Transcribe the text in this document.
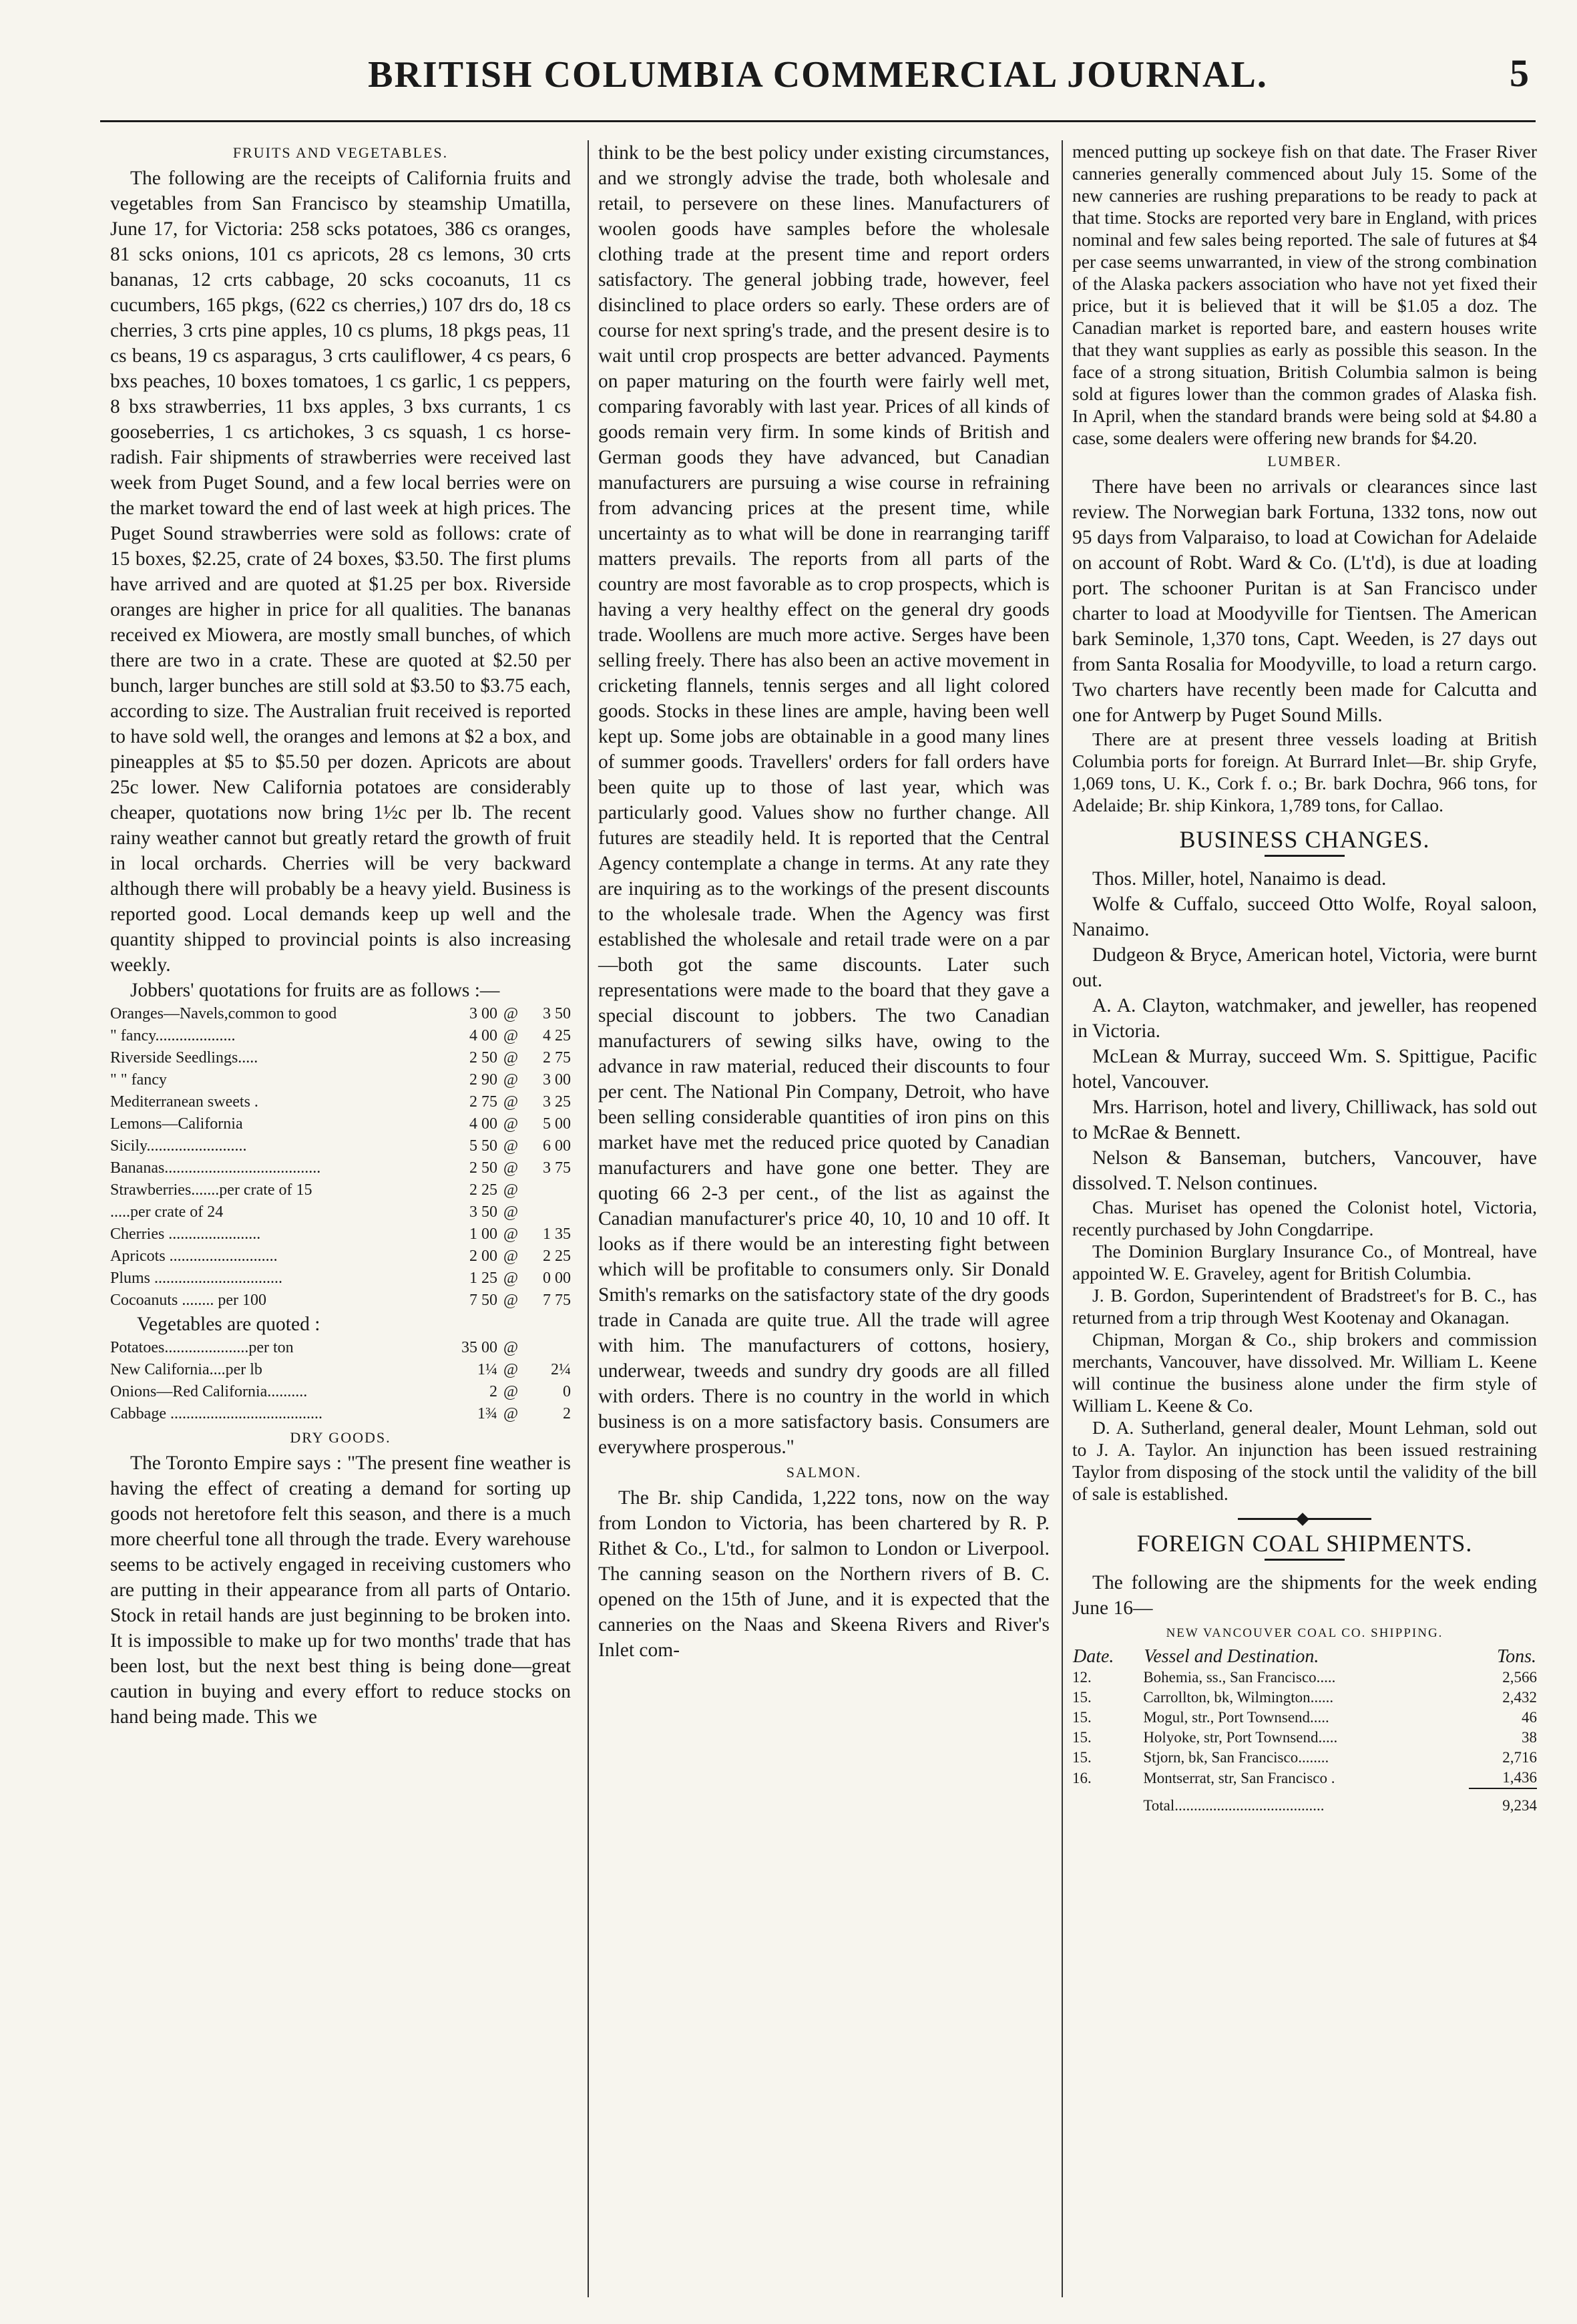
BRITISH COLUMBIA COMMERCIAL JOURNAL.	5

FRUITS AND VEGETABLES.

The following are the receipts of California fruits and vegetables from San Francisco by steamship Umatilla, June 17, for Victoria: 258 scks potatoes, 386 cs oranges, 81 scks onions, 101 cs apricots, 28 cs lemons, 30 crts bananas, 12 crts cabbage, 20 scks cocoanuts, 11 cs cucumbers, 165 pkgs, (622 cs cherries,) 107 drs do, 18 cs cherries, 3 crts pine apples, 10 cs plums, 18 pkgs peas, 11 cs beans, 19 cs asparagus, 3 crts cauliflower, 4 cs pears, 6 bxs peaches, 10 boxes tomatoes, 1 cs garlic, 1 cs peppers, 8 bxs strawberries, 11 bxs apples, 3 bxs currants, 1 cs gooseberries, 1 cs artichokes, 3 cs squash, 1 cs horse-radish. Fair shipments of strawberries were received last week from Puget Sound, and a few local berries were on the market toward the end of last week at high prices. The Puget Sound strawberries were sold as follows: crate of 15 boxes, $2.25, crate of 24 boxes, $3.50. The first plums have arrived and are quoted at $1.25 per box. Riverside oranges are higher in price for all qualities. The bananas received ex Miowera, are mostly small bunches, of which there are two in a crate. These are quoted at $2.50 per bunch, larger bunches are still sold at $3.50 to $3.75 each, according to size. The Australian fruit received is reported to have sold well, the oranges and lemons at $2 a box, and pineapples at $5 to $5.50 per dozen. Apricots are about 25c lower. New California potatoes are considerably cheaper, quotations now bring 1½c per lb. The recent rainy weather cannot but greatly retard the growth of fruit in local orchards. Cherries will be very backward although there will probably be a heavy yield. Business is reported good. Local demands keep up well and the quantity shipped to provincial points is also increasing weekly.

Jobbers' quotations for fruits are as follows :—

Oranges—Navels,common to good	3 00	@	3 50
" fancy....................	4 00	@	4 25
Riverside Seedlings.....	2 50	@	2 75
" " fancy	2 90	@	3 00
Mediterranean sweets .	2 75	@	3 25
Lemons—California	4 00	@	5 00
Sicily.........................	5 50	@	6 00
Bananas.......................................	2 50	@	3 75
Strawberries.......per crate of 15	2 25	@	
.....per crate of 24	3 50	@	
Cherries .......................	1 00	@	1 35
Apricots ...........................	2 00	@	2 25
Plums ................................	1 25	@	0 00
Cocoanuts ........ per 100	7 50	@	7 75

Vegetables are quoted :

Potatoes.....................per ton	35 00	@	
New California....per lb	1¼	@	2¼
Onions—Red California..........	2	@	0
Cabbage ......................................	1¾	@	2

DRY GOODS.

The Toronto Empire says : "The present fine weather is having the effect of creating a demand for sorting up goods not heretofore felt this season, and there is a much more cheerful tone all through the trade. Every warehouse seems to be actively engaged in receiving customers who are putting in their appearance from all parts of Ontario. Stock in retail hands are just beginning to be broken into. It is impossible to make up for two months' trade that has been lost, but the next best thing is being done—great caution in buying and every effort to reduce stocks on hand being made. This we

think to be the best policy under existing circumstances, and we strongly advise the trade, both wholesale and retail, to persevere on these lines. Manufacturers of woolen goods have samples before the wholesale clothing trade at the present time and report orders satisfactory. The general jobbing trade, however, feel disinclined to place orders so early. These orders are of course for next spring's trade, and the present desire is to wait until crop prospects are better advanced. Payments on paper maturing on the fourth were fairly well met, comparing favorably with last year. Prices of all kinds of goods remain very firm. In some kinds of British and German goods they have advanced, but Canadian manufacturers are pursuing a wise course in refraining from advancing prices at the present time, while uncertainty as to what will be done in rearranging tariff matters prevails. The reports from all parts of the country are most favorable as to crop prospects, which is having a very healthy effect on the general dry goods trade. Woollens are much more active. Serges have been selling freely. There has also been an active movement in cricketing flannels, tennis serges and all light colored goods. Stocks in these lines are ample, having been well kept up. Some jobs are obtainable in a good many lines of summer goods. Travellers' orders for fall orders have been quite up to those of last year, which was particularly good. Values show no further change. All futures are steadily held. It is reported that the Central Agency contemplate a change in terms. At any rate they are inquiring as to the workings of the present discounts to the wholesale trade. When the Agency was first established the wholesale and retail trade were on a par—both got the same discounts. Later such representations were made to the board that they gave a special discount to jobbers. The two Canadian manufacturers of sewing silks have, owing to the advance in raw material, reduced their discounts to four per cent. The National Pin Company, Detroit, who have been selling considerable quantities of iron pins on this market have met the reduced price quoted by Canadian manufacturers and have gone one better. They are quoting 66 2-3 per cent., of the list as against the Canadian manufacturer's price 40, 10, 10 and 10 off. It looks as if there would be an interesting fight between which will be profitable to consumers only. Sir Donald Smith's remarks on the satisfactory state of the dry goods trade in Canada are quite true. All the trade will agree with him. The manufacturers of cottons, hosiery, underwear, tweeds and sundry dry goods are all filled with orders. There is no country in the world in which business is on a more satisfactory basis. Consumers are everywhere prosperous."

SALMON.

The Br. ship Candida, 1,222 tons, now on the way from London to Victoria, has been chartered by R. P. Rithet & Co., L'td., for salmon to London or Liverpool. The canning season on the Northern rivers of B. C. opened on the 15th of June, and it is expected that the canneries on the Naas and Skeena Rivers and River's Inlet com-

menced putting up sockeye fish on that date. The Fraser River canneries generally commenced about July 15. Some of the new canneries are rushing preparations to be ready to pack at that time. Stocks are reported very bare in England, with prices nominal and few sales being reported. The sale of futures at $4 per case seems unwarranted, in view of the strong combination of the Alaska packers association who have not yet fixed their price, but it is believed that it will be $1.05 a doz. The Canadian market is reported bare, and eastern houses write that they want supplies as early as possible this season. In the face of a strong situation, British Columbia salmon is being sold at figures lower than the common grades of Alaska fish. In April, when the standard brands were being sold at $4.80 a case, some dealers were offering new brands for $4.20.

LUMBER.

There have been no arrivals or clearances since last review. The Norwegian bark Fortuna, 1332 tons, now out 95 days from Valparaiso, to load at Cowichan for Adelaide on account of Robt. Ward & Co. (L't'd), is due at loading port. The schooner Puritan is at San Francisco under charter to load at Moodyville for Tientsen. The American bark Seminole, 1,370 tons, Capt. Weeden, is 27 days out from Santa Rosalia for Moodyville, to load a return cargo. Two charters have recently been made for Calcutta and one for Antwerp by Puget Sound Mills.

There are at present three vessels loading at British Columbia ports for foreign. At Burrard Inlet—Br. ship Gryfe, 1,069 tons, U. K., Cork f. o.; Br. bark Dochra, 966 tons, for Adelaide; Br. ship Kinkora, 1,789 tons, for Callao.

BUSINESS CHANGES.

Thos. Miller, hotel, Nanaimo is dead.

Wolfe & Cuffalo, succeed Otto Wolfe, Royal saloon, Nanaimo.

Dudgeon & Bryce, American hotel, Victoria, were burnt out.

A. A. Clayton, watchmaker, and jeweller, has reopened in Victoria.

McLean & Murray, succeed Wm. S. Spittigue, Pacific hotel, Vancouver.

Mrs. Harrison, hotel and livery, Chilliwack, has sold out to McRae & Bennett.

Nelson & Banseman, butchers, Vancouver, have dissolved. T. Nelson continues.

Chas. Muriset has opened the Colonist hotel, Victoria, recently purchased by John Congdarripe.

The Dominion Burglary Insurance Co., of Montreal, have appointed W. E. Graveley, agent for British Columbia.

J. B. Gordon, Superintendent of Bradstreet's for B. C., has returned from a trip through West Kootenay and Okanagan.

Chipman, Morgan & Co., ship brokers and commission merchants, Vancouver, have dissolved. Mr. William L. Keene will continue the business alone under the firm style of William L. Keene & Co.

D. A. Sutherland, general dealer, Mount Lehman, sold out to J. A. Taylor. An injunction has been issued restraining Taylor from disposing of the stock until the validity of the bill of sale is established.

FOREIGN COAL SHIPMENTS.

The following are the shipments for the week ending June 16—

NEW VANCOUVER COAL CO. SHIPPING.

Date.	Vessel and Destination.	Tons.
12.	Bohemia, ss., San Francisco.....	2,566
15.	Carrollton, bk, Wilmington......	2,432
15.	Mogul, str., Port Townsend.....	46
15.	Holyoke, str, Port Townsend.....	38
15.	Stjorn, bk, San Francisco........	2,716
16.	Montserrat, str, San Francisco .	1,436
	Total.......................................	9,234
